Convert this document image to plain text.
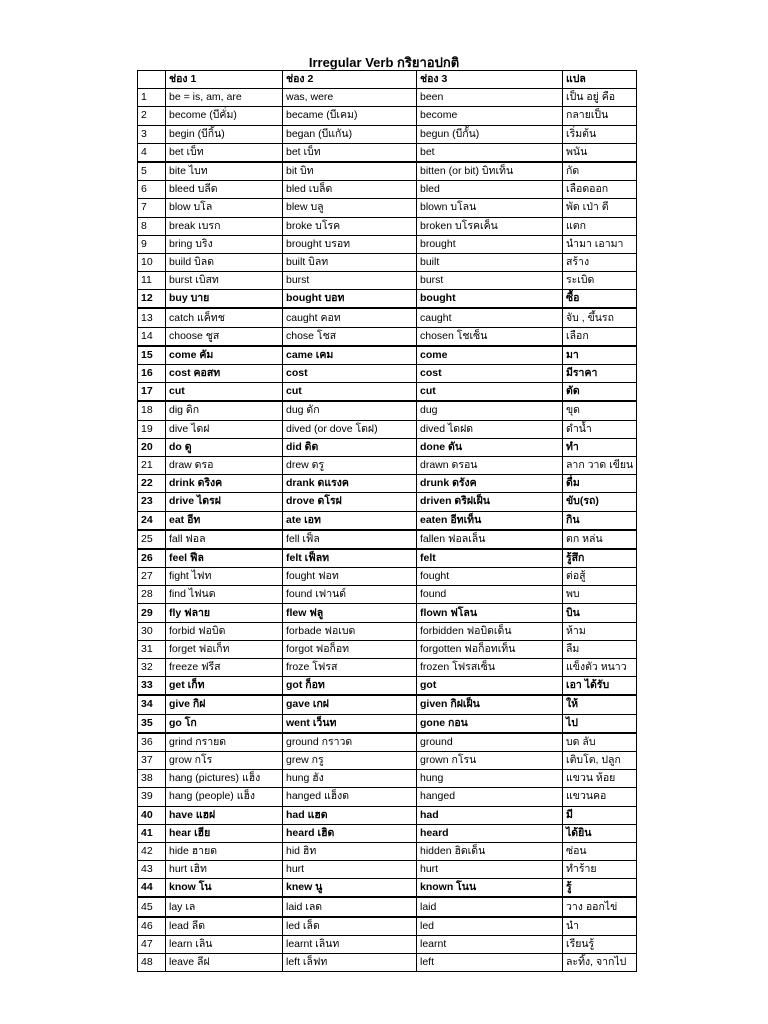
Irregular Verb กริยาอปกติ
	ช่อง 1	ช่อง 2	ช่อง 3	แปล
1	be = is, am, are	was, were	been	เป็น อยู่ คือ
2	become (บีคั่ม)	became (บีเคม)	become	กลายเป็น
3	begin (บีกิ้น)	began (บีแกัน)	begun (บีกั้น)	เริ่มต้น
4	bet เบ็ท	bet เบ็ท	bet	พนัน
5	bite ไบท	bit บิท	bitten (or bit) บิทเท็น	กัด
6	bleed บลีด	bled เบล็ด	bled	เลือดออก
7	blow บโล	blew บลู	blown บโลน	พัด เป่า ตี
8	break เบรก	broke บโรค	broken บโรคเค็น	แตก
9	bring บริง	brought บรอท	brought	นำมา เอามา
10	build บิลด	built บิลท	built	สร้าง
11	burst เบิสท	burst	burst	ระเบิด
12	buy บาย	bought บอท	bought	ซื้อ
13	catch แค็ทช	caught คอท	caught	จับ , ขึ้นรถ
14	choose ชูส	chose โชส	chosen โชเซ็น	เลือก
15	come คัม	came เคม	come	มา
16	cost คอสท	cost	cost	มีราคา
17	cut	cut	cut	ตัด
18	dig ดิก	dug ดัก	dug	ขุด
19	dive ไดฝ	dived (or dove โดฝ)	dived ไดฝด	ดำน้ำ
20	do ดู	did ดิด	done ดัน	ทำ
21	draw ดรอ	drew ดรู	drawn ดรอน	ลาก วาด เขียน
22	drink ดริงค	drank ดแรงค	drunk ดรังค	ดื่ม
23	drive ไดรฝ	drove ดโรฝ	driven ดริฝเฝ็น	ขับ(รถ)
24	eat อีท	ate เอท	eaten อีทเท็น	กิน
25	fall ฟอล	fell เฟ็ล	fallen ฟอลเล็น	ตก หล่น
26	feel ฟีล	felt เฟ็ลท	felt	รู้สึก
27	fight ไฟท	fought ฟอท	fought	ต่อสู้
28	find ไฟนด	found เฟานด์	found	พบ
29	fly ฟลาย	flew ฟลู	flown ฟโลน	บิน
30	forbid ฟอบิด	forbade ฟอเบด	forbidden ฟอบิดเด็น	ห้าม
31	forget ฟอเก็ท	forgot ฟอก็อท	forgotten ฟอก็อทเท็น	ลืม
32	freeze ฟรีส	froze โฟรส	frozen โฟรสเซ็น	แข็งตัว หนาว
33	get เก็ท	got ก็อท	got	เอา ได้รับ
34	give กิฝ	gave เกฝ	given กิฝเฝ็น	ให้
35	go โก	went เว็นท	gone กอน	ไป
36	grind กรายด	ground กราวด	ground	บด ลับ
37	grow กโร	grew กรู	grown กโรน	เติบโต, ปลูก
38	hang (pictures) แฮ็ง	hung ฮัง	hung	แขวน ห้อย
39	hang (people) แฮ็ง	hanged แฮ็งด	hanged	แขวนคอ
40	have แฮฝ	had แฮด	had	มี
41	hear เฮีย	heard เฮิด	heard	ได้ยิน
42	hide ฮายด	hid ฮิท	hidden ฮิดเด็น	ซ่อน
43	hurt เฮิท	hurt	hurt	ทำร้าย
44	know โน	knew นู	known โนน	รู้
45	lay เล	laid เลด	laid	วาง ออกไข่
46	lead ลีด	led เล็ด	led	นำ
47	learn เลิน	learnt เลินท	learnt	เรียนรู้
48	leave ลีฝ	left เล็ฟท	left	ละทิ้ง, จากไป
